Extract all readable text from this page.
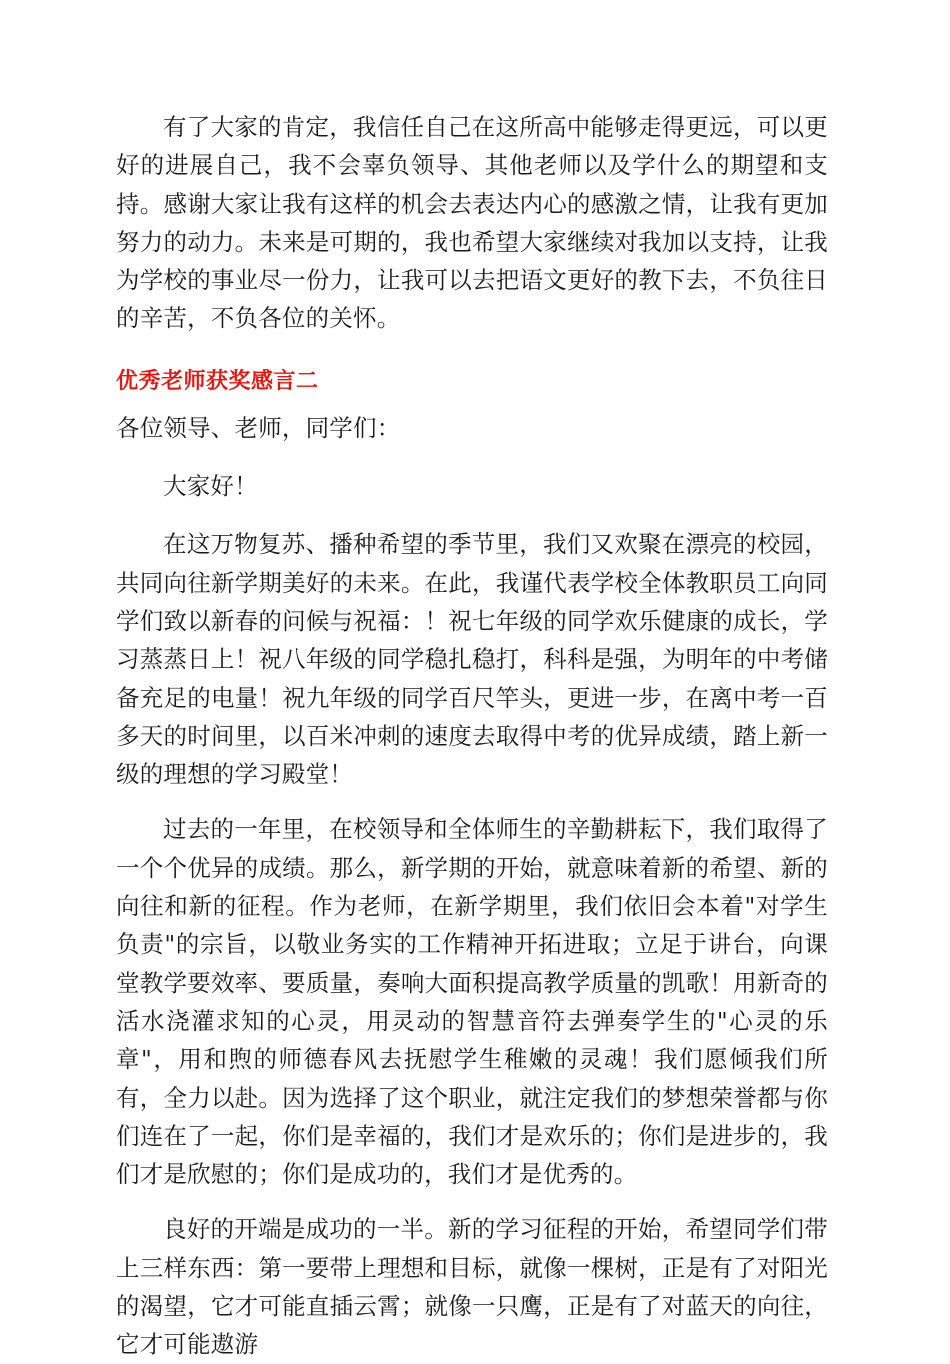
有了大家的肯定，我信任自己在这所高中能够走得更远，可以更好的进展自己，我不会辜负领导、其他老师以及学什么的期望和支持。感谢大家让我有这样的机会去表达内心的感激之情，让我有更加努力的动力。未来是可期的，我也希望大家继续对我加以支持，让我为学校的事业尽一份力，让我可以去把语文更好的教下去，不负往日的辛苦，不负各位的关怀。

优秀老师获奖感言二

各位领导、老师，同学们：

大家好！

在这万物复苏、播种希望的季节里，我们又欢聚在漂亮的校园，共同向往新学期美好的未来。在此，我谨代表学校全体教职员工向同学们致以新春的问候与祝福：！祝七年级的同学欢乐健康的成长，学习蒸蒸日上！祝八年级的同学稳扎稳打，科科是强，为明年的中考储备充足的电量！祝九年级的同学百尺竿头，更进一步，在离中考一百多天的时间里，以百米冲刺的速度去取得中考的优异成绩，踏上新一级的理想的学习殿堂！

过去的一年里，在校领导和全体师生的辛勤耕耘下，我们取得了一个个优异的成绩。那么，新学期的开始，就意味着新的希望、新的向往和新的征程。作为老师，在新学期里，我们依旧会本着"对学生负责"的宗旨，以敬业务实的工作精神开拓进取；立足于讲台，向课堂教学要效率、要质量，奏响大面积提高教学质量的凯歌！用新奇的活水浇灌求知的心灵，用灵动的智慧音符去弹奏学生的"心灵的乐章"，用和煦的师德春风去抚慰学生稚嫩的灵魂！我们愿倾我们所有，全力以赴。因为选择了这个职业，就注定我们的梦想荣誉都与你们连在了一起，你们是幸福的，我们才是欢乐的；你们是进步的，我们才是欣慰的；你们是成功的，我们才是优秀的。

良好的开端是成功的一半。新的学习征程的开始，希望同学们带上三样东西：第一要带上理想和目标，就像一棵树，正是有了对阳光的渴望，它才可能直插云霄；就像一只鹰，正是有了对蓝天的向往，它才可能遨游
